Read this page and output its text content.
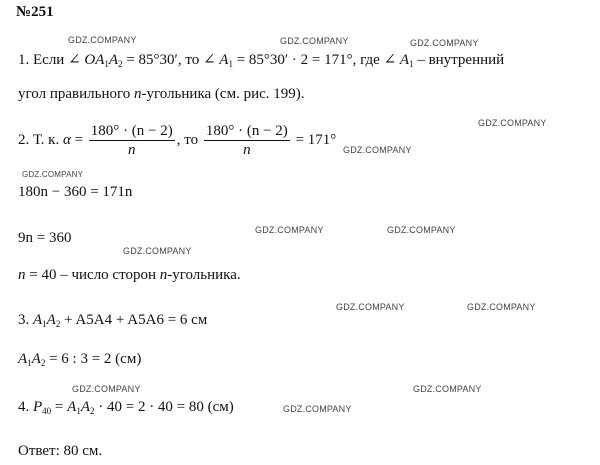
№251
GDZ.COMPANY	GDZ.COMPANY	GDZ.COMPANY
GDZ.COMPANY
GDZ.COMPANY
GDZ.COMPANY
GDZ.COMPANY	GDZ.COMPANY
GDZ.COMPANY
GDZ.COMPANY	GDZ.COMPANY
GDZ.COMPANY	GDZ.COMPANY
GDZ.COMPANY
1. Если ∠ $OA_1A_2 = 85^\circ 30'$, то ∠ $A_1 = 85^\circ 30' \cdot 2 = 171^\circ$, где ∠ $A_1$ – внутренний
угол правильного n-угольника (см. рис. 199).
2. Т. к. $\alpha = \frac{180^\circ \cdot (n - 2)}{n}$ , то $\frac{180^\circ \cdot (n - 2)}{n} = 171^\circ$
180n − 360 = 171n
9n = 360
n = 40 – число сторон n-угольника.
3. $A_1A_2 + A5A4 + A5A6 = 6$ см
$A_1A_2 = 6$ : 3 = 2 (см)
4. $P_{40} = A_1A_2 \cdot 40 = 2 \cdot 40 = 80$ (см)
Ответ: 80 см.
